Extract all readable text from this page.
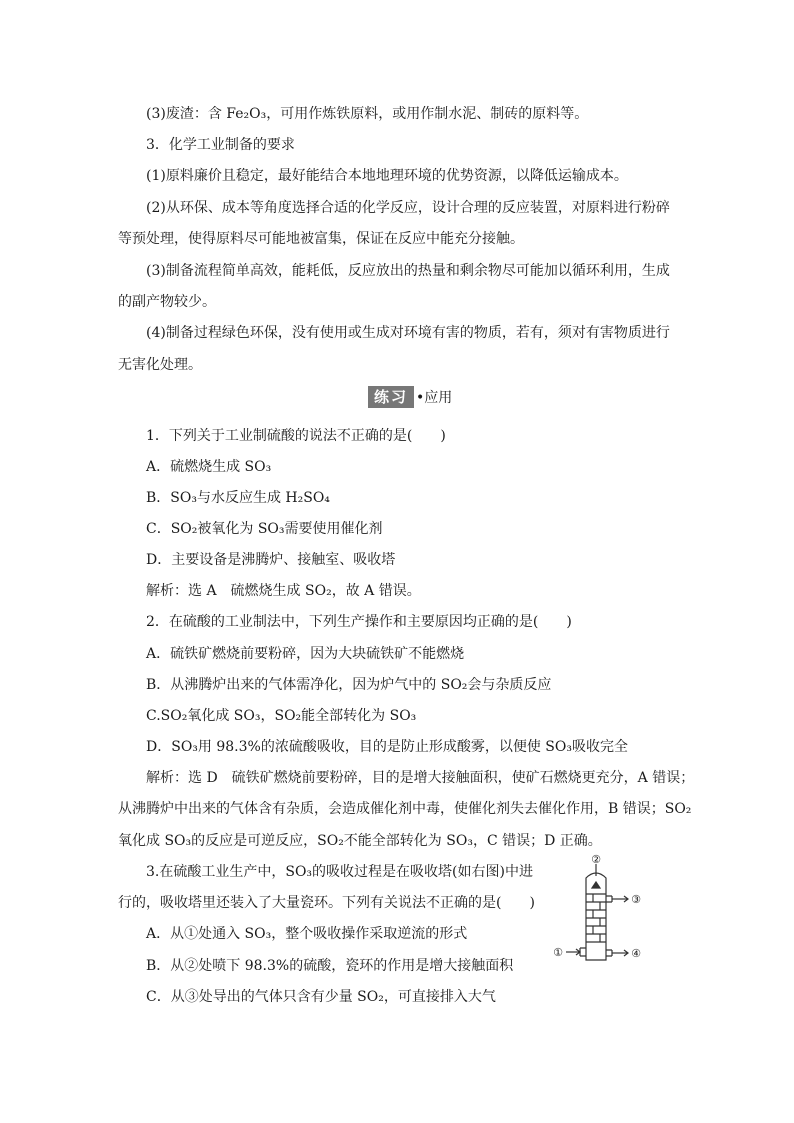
(3)废渣：含 Fe₂O₃，可用作炼铁原料，或用作制水泥、制砖的原料等。
3．化学工业制备的要求
(1)原料廉价且稳定，最好能结合本地地理环境的优势资源，以降低运输成本。
(2)从环保、成本等角度选择合适的化学反应，设计合理的反应装置，对原料进行粉碎
等预处理，使得原料尽可能地被富集，保证在反应中能充分接触。
(3)制备流程简单高效，能耗低，反应放出的热量和剩余物尽可能加以循环利用，生成
的副产物较少。
(4)制备过程绿色环保，没有使用或生成对环境有害的物质，若有，须对有害物质进行
无害化处理。
练习 •应用
1．下列关于工业制硫酸的说法不正确的是(　　)
A．硫燃烧生成 SO₃
B．SO₃与水反应生成 H₂SO₄
C．SO₂被氧化为 SO₃需要使用催化剂
D．主要设备是沸腾炉、接触室、吸收塔
解析：选 A　硫燃烧生成 SO₂，故 A 错误。
2．在硫酸的工业制法中，下列生产操作和主要原因均正确的是(　　)
A．硫铁矿燃烧前要粉碎，因为大块硫铁矿不能燃烧
B．从沸腾炉出来的气体需净化，因为炉气中的 SO₂会与杂质反应
C.SO₂氧化成 SO₃，SO₂能全部转化为 SO₃
D．SO₃用 98.3%的浓硫酸吸收，目的是防止形成酸雾，以便使 SO₃吸收完全
解析：选 D　硫铁矿燃烧前要粉碎，目的是增大接触面积，使矿石燃烧更充分，A 错误；
从沸腾炉中出来的气体含有杂质，会造成催化剂中毒，使催化剂失去催化作用，B 错误；SO₂
氧化成 SO₃的反应是可逆反应，SO₂不能全部转化为 SO₃，C 错误；D 正确。
3.在硫酸工业生产中，SO₃的吸收过程是在吸收塔(如右图)中进
行的，吸收塔里还装入了大量瓷环。下列有关说法不正确的是(　　)
A．从①处通入 SO₃，整个吸收操作采取逆流的形式
B．从②处喷下 98.3%的硫酸，瓷环的作用是增大接触面积
C．从③处导出的气体只含有少量 SO₂，可直接排入大气
②
③
①	④
